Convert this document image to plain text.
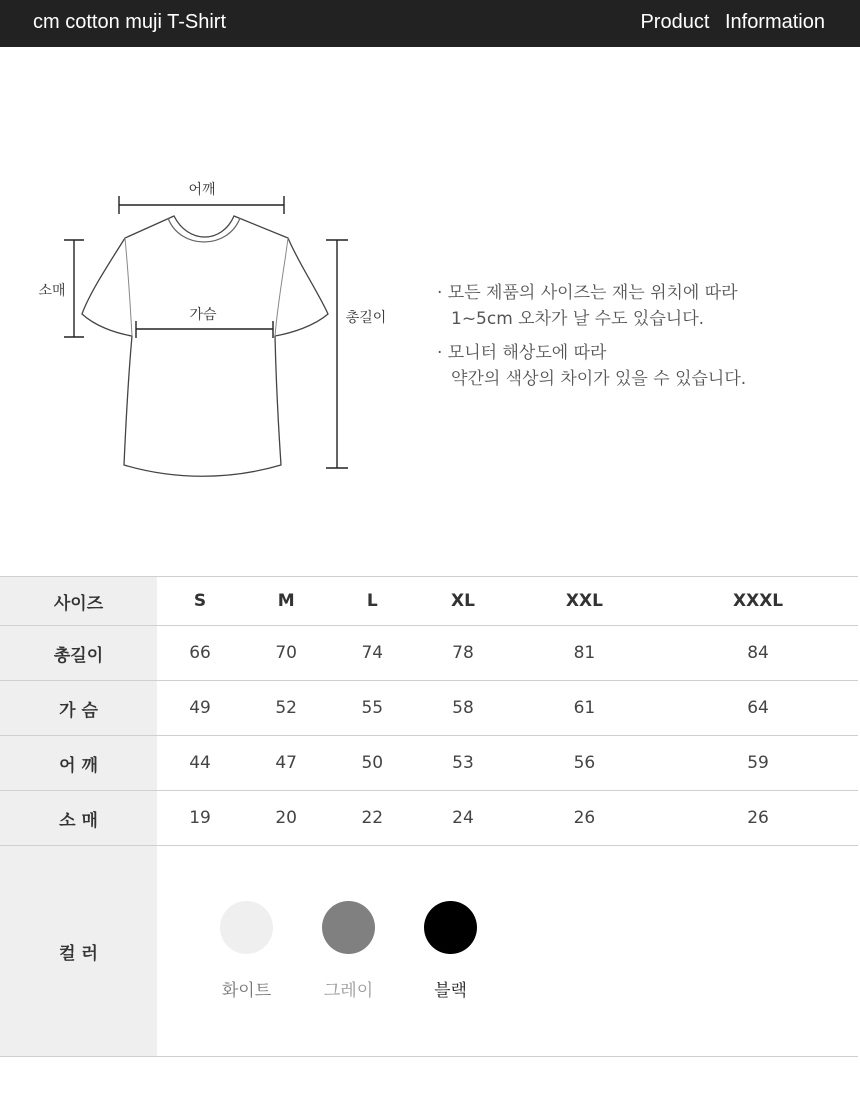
cm cotton muji T-Shirt	Product Information
어깨
소매
가슴	총길이
· 모든 제품의 사이즈는 재는 위치에 따라
1~5cm 오차가 날 수도 있습니다.
· 모니터 해상도에 따라
약간의 색상의 차이가 있을 수 있습니다.
사이즈	S	M	L	XL	XXL	XXXL
총길이	66	70	74	78	81	84
가 슴	49	52	55	58	61	64
어 깨	44	47	50	53	56	59
소 매	19	20	22	24	26	26
컬 러	화이트 그레이 블랙					
